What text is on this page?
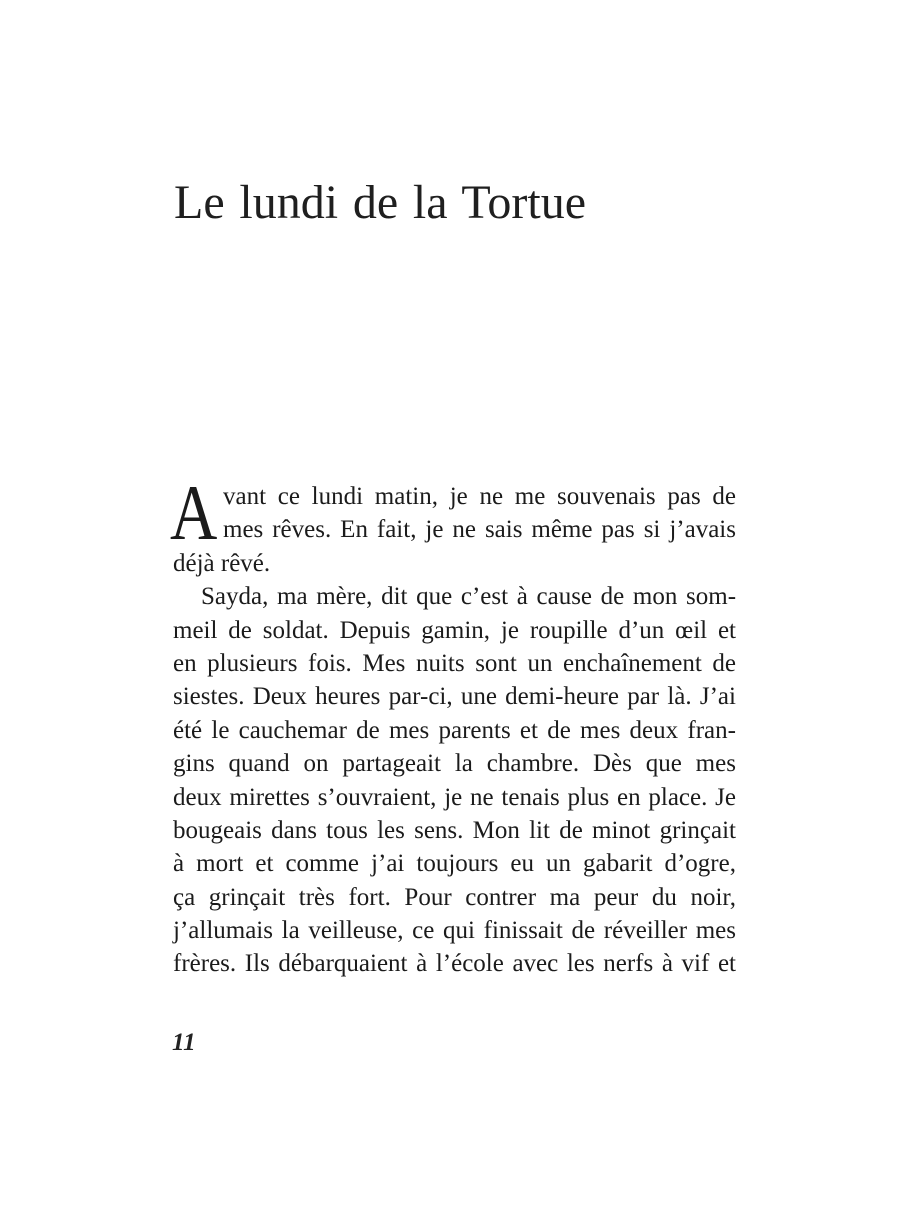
Le lundi de la Tortue
A vant ce lundi matin, je ne me souvenais pas de
mes rêves. En fait, je ne sais même pas si j’avais
déjà rêvé.
Sayda, ma mère, dit que c’est à cause de mon som-
meil de soldat. Depuis gamin, je roupille d’un œil et
en plusieurs fois. Mes nuits sont un enchaînement de
siestes. Deux heures par-ci, une demi-heure par là. J’ai
été le cauchemar de mes parents et de mes deux fran-
gins quand on partageait la chambre. Dès que mes
deux mirettes s’ouvraient, je ne tenais plus en place. Je
bougeais dans tous les sens. Mon lit de minot grinçait
à mort et comme j’ai toujours eu un gabarit d’ogre,
ça grinçait très fort. Pour contrer ma peur du noir,
j’allumais la veilleuse, ce qui finissait de réveiller mes
frères. Ils débarquaient à l’école avec les nerfs à vif et
11
